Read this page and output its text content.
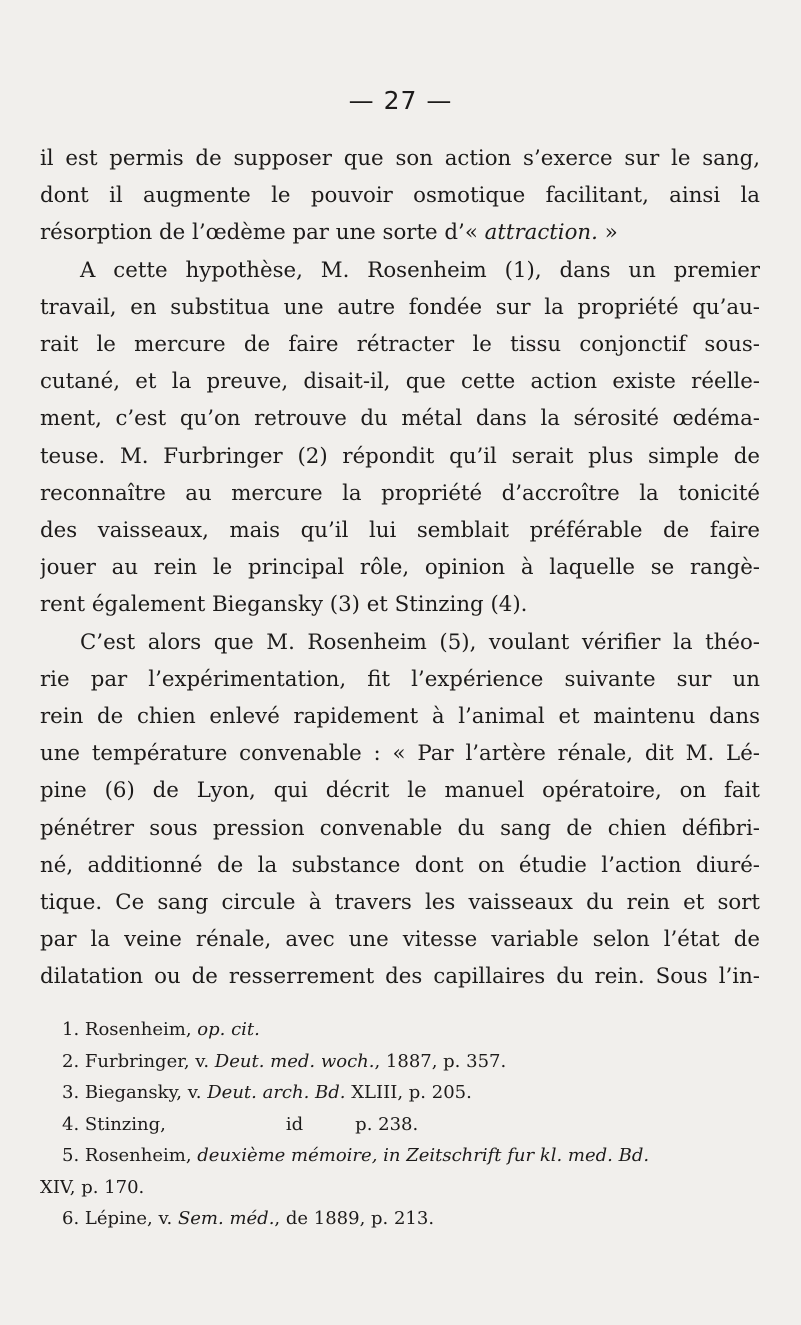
— 27 —
il est permis de supposer que son action s’exerce sur le sang,
dont il augmente le pouvoir osmotique facilitant, ainsi la
résorption de l’œdème par une sorte d’« attraction. »
A cette hypothèse, M. Rosenheim (1), dans un premier
travail, en substitua une autre fondée sur la propriété qu’au-
rait le mercure de faire rétracter le tissu conjonctif sous-
cutané, et la preuve, disait-il, que cette action existe réelle-
ment, c’est qu’on retrouve du métal dans la sérosité œdéma-
teuse. M. Furbringer (2) répondit qu’il serait plus simple de
reconnaître au mercure la propriété d’accroître la tonicité
des vaisseaux, mais qu’il lui semblait préférable de faire
jouer au rein le principal rôle, opinion à laquelle se rangè-
rent également Biegansky (3) et Stinzing (4).
C’est alors que M. Rosenheim (5), voulant vérifier la théo-
rie par l’expérimentation, fit l’expérience suivante sur un
rein de chien enlevé rapidement à l’animal et maintenu dans
une température convenable : « Par l’artère rénale, dit M. Lé-
pine (6) de Lyon, qui décrit le manuel opératoire, on fait
pénétrer sous pression convenable du sang de chien défibri-
né, additionné de la substance dont on étudie l’action diuré-
tique. Ce sang circule à travers les vaisseaux du rein et sort
par la veine rénale, avec une vitesse variable selon l’état de
dilatation ou de resserrement des capillaires du rein. Sous l’in-
1. Rosenheim, op. cit.
2. Furbringer, v. Deut. med. woch., 1887, p. 357.
3. Biegansky, v. Deut. arch. Bd. XLIII, p. 205.
4. Stinzing,	id	p. 238.
5. Rosenheim, deuxième mémoire, in Zeitschrift fur kl. med. Bd.
XIV, p. 170.
6. Lépine, v. Sem. méd., de 1889, p. 213.
